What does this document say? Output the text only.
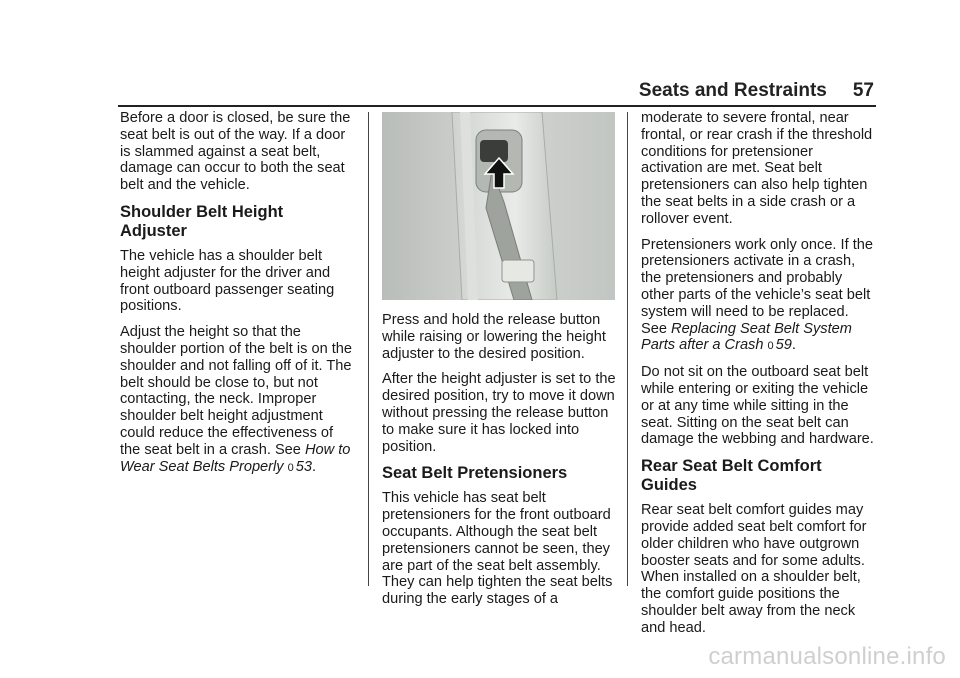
Seats and Restraints 57

Before a door is closed, be sure the seat belt is out of the way. If a door is slammed against a seat belt, damage can occur to both the seat belt and the vehicle.

Shoulder Belt Height Adjuster

The vehicle has a shoulder belt height adjuster for the driver and front outboard passenger seating positions.

Adjust the height so that the shoulder portion of the belt is on the shoulder and not falling off of it. The belt should be close to, but not contacting, the neck. Improper shoulder belt height adjustment could reduce the effectiveness of the seat belt in a crash. See How to Wear Seat Belts Properly 0 53.

Press and hold the release button while raising or lowering the height adjuster to the desired position.

After the height adjuster is set to the desired position, try to move it down without pressing the release button to make sure it has locked into position.

Seat Belt Pretensioners

This vehicle has seat belt pretensioners for the front outboard occupants. Although the seat belt pretensioners cannot be seen, they are part of the seat belt assembly. They can help tighten the seat belts during the early stages of a

moderate to severe frontal, near frontal, or rear crash if the threshold conditions for pretensioner activation are met. Seat belt pretensioners can also help tighten the seat belts in a side crash or a rollover event.

Pretensioners work only once. If the pretensioners activate in a crash, the pretensioners and probably other parts of the vehicle’s seat belt system will need to be replaced. See Replacing Seat Belt System Parts after a Crash 0 59.

Do not sit on the outboard seat belt while entering or exiting the vehicle or at any time while sitting in the seat. Sitting on the seat belt can damage the webbing and hardware.

Rear Seat Belt Comfort Guides

Rear seat belt comfort guides may provide added seat belt comfort for older children who have outgrown booster seats and for some adults. When installed on a shoulder belt, the comfort guide positions the shoulder belt away from the neck and head.

carmanualsonline.info
